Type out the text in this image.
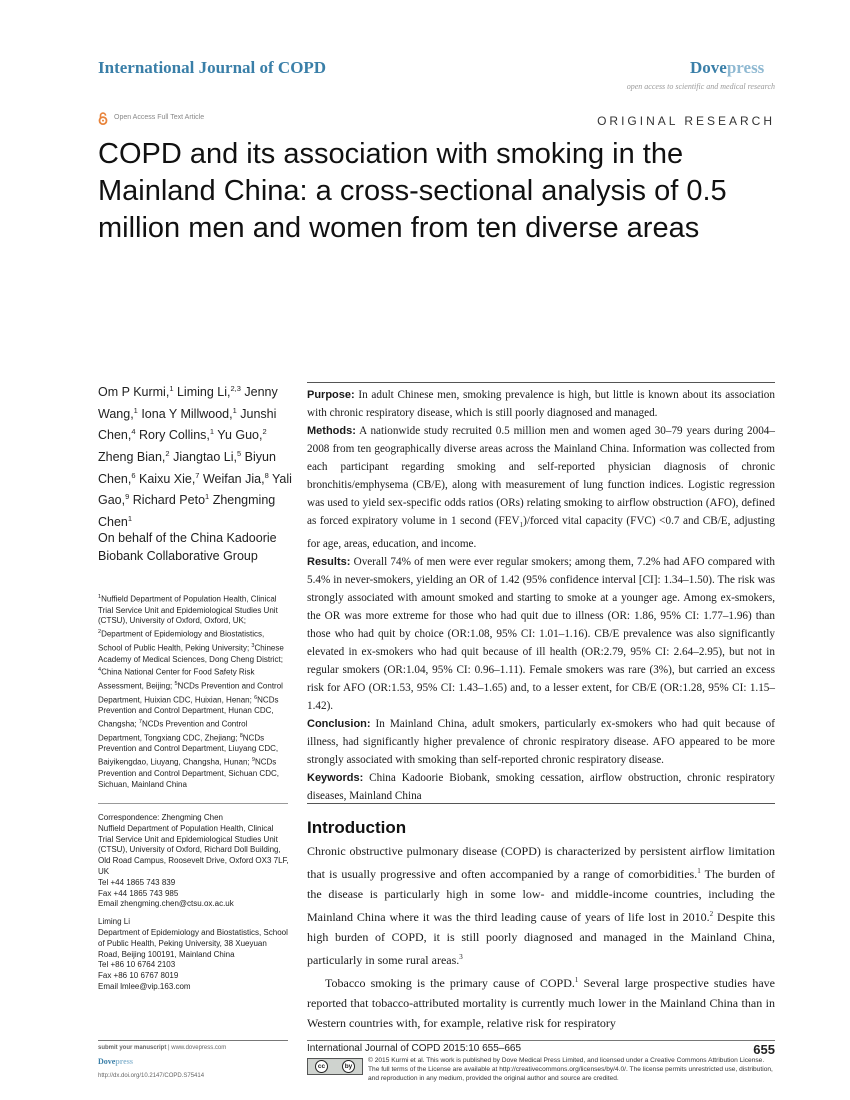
International Journal of COPD	Dovepress
open access to scientific and medical research
Open Access Full Text Article	ORIGINAL RESEARCH
COPD and its association with smoking in the Mainland China: a cross-sectional analysis of 0.5 million men and women from ten diverse areas
Om P Kurmi,$^1$ Liming Li,$^{2,3}$ Jenny Wang,$^1$ Iona Y Millwood,$^1$ Junshi Chen,$^4$ Rory Collins,$^1$ Yu Guo,$^2$ Zheng Bian,$^2$ Jiangtao Li,$^5$ Biyun Chen,$^6$ Kaixu Xie,$^7$ Weifan Jia,$^8$ Yali Gao,$^9$ Richard Peto$^1$ Zhengming Chen$^1$
On behalf of the China Kadoorie Biobank Collaborative Group
$^1$Nuffield Department of Population Health, Clinical Trial Service Unit and Epidemiological Studies Unit (CTSU), University of Oxford, Oxford, UK; $^2$Department of Epidemiology and Biostatistics, School of Public Health, Peking University; $^3$Chinese Academy of Medical Sciences, Dong Cheng District; $^4$China National Center for Food Safety Risk Assessment, Beijing; $^5$NCDs Prevention and Control Department, Huixian CDC, Huixian, Henan; $^6$NCDs Prevention and Control Department, Hunan CDC, Changsha; $^7$NCDs Prevention and Control Department, Tongxiang CDC, Zhejiang; $^8$NCDs Prevention and Control Department, Liuyang CDC, Baiyikengdao, Liuyang, Changsha, Hunan; $^9$NCDs Prevention and Control Department, Sichuan CDC, Sichuan, Mainland China
Correspondence: Zhengming Chen
Nuffield Department of Population Health, Clinical Trial Service Unit and Epidemiological Studies Unit (CTSU), University of Oxford, Richard Doll Building, Old Road Campus, Roosevelt Drive, Oxford OX3 7LF, UK
Tel +44 1865 743 839
Fax +44 1865 743 985
Email zhengming.chen@ctsu.ox.ac.uk
Liming Li
Department of Epidemiology and Biostatistics, School of Public Health, Peking University, 38 Xueyuan Road, Beijing 100191, Mainland China
Tel +86 10 6764 2103
Fax +86 10 6767 8019
Email lmlee@vip.163.com
Purpose: In adult Chinese men, smoking prevalence is high, but little is known about its association with chronic respiratory disease, which is still poorly diagnosed and managed.
Methods: A nationwide study recruited 0.5 million men and women aged 30–79 years during 2004–2008 from ten geographically diverse areas across the Mainland China. Information was collected from each participant regarding smoking and self-reported physician diagnosis of chronic bronchitis/emphysema (CB/E), along with measurement of lung function indices. Logistic regression was used to yield sex-specific odds ratios (ORs) relating smoking to airflow obstruction (AFO), defined as forced expiratory volume in 1 second $(FEV_1)$/forced vital capacity (FVC) <0.7 and CB/E, adjusting for age, areas, education, and income.
Results: Overall 74% of men were ever regular smokers; among them, 7.2% had AFO compared with 5.4% in never-smokers, yielding an OR of 1.42 (95% confidence interval [CI]: 1.34–1.50). The risk was strongly associated with amount smoked and starting to smoke at a younger age. Among ex-smokers, the OR was more extreme for those who had quit due to illness (OR: 1.86, 95% CI: 1.77–1.96) than those who had quit by choice (OR:1.08, 95% CI: 1.01–1.16). CB/E prevalence was also significantly elevated in ex-smokers who had quit because of ill health (OR:2.79, 95% CI: 2.64–2.95), but not in regular smokers (OR:1.04, 95% CI: 0.96–1.11). Female smokers was rare (3%), but carried an excess risk for AFO (OR:1.53, 95% CI: 1.43–1.65) and, to a lesser extent, for CB/E (OR:1.28, 95% CI: 1.15–1.42).
Conclusion: In Mainland China, adult smokers, particularly ex-smokers who had quit because of illness, had significantly higher prevalence of chronic respiratory disease. AFO appeared to be more strongly associated with smoking than self-reported chronic respiratory disease.
Keywords: China Kadoorie Biobank, smoking cessation, airflow obstruction, chronic respiratory diseases, Mainland China
Introduction

Chronic obstructive pulmonary disease (COPD) is characterized by persistent airflow limitation that is usually progressive and often accompanied by a range of comorbidities.$^1$ The burden of the disease is particularly high in some low- and middle-income countries, including the Mainland China where it was the third leading cause of years of life lost in 2010.$^2$ Despite this high burden of COPD, it is still poorly diagnosed and managed in the Mainland China, particularly in some rural areas.$^3$

Tobacco smoking is the primary cause of COPD.$^1$ Several large prospective studies have reported that tobacco-attributed mortality is currently much lower in the Mainland China than in Western countries with, for example, relative risk for respiratory

submit your manuscript | www.dovepress.com
Dovepress
http://dx.doi.org/10.2147/COPD.S75414
International Journal of COPD 2015:10 655–665	655
cc	by
© 2015 Kurmi et al. This work is published by Dove Medical Press Limited, and licensed under a Creative Commons Attribution License. The full terms of the License are available at http://creativecommons.org/licenses/by/4.0/. The license permits unrestricted use, distribution, and reproduction in any medium, provided the original author and source are credited.
